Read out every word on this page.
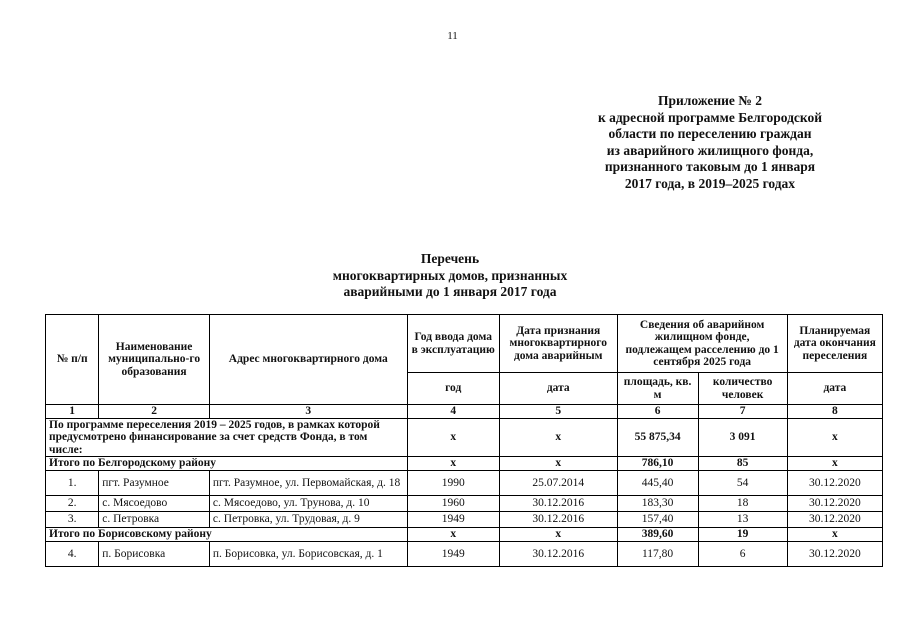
11
Приложение № 2
к адресной программе Белгородской
области по переселению граждан
из аварийного жилищного фонда,
признанного таковым до 1 января
2017 года, в 2019–2025 годах
Перечень
многоквартирных домов, признанных
аварийными до 1 января 2017 года
№ п/п	Наименование муниципально-го образования	Адрес многоквартирного дома	Год ввода дома в эксплуатацию	Дата признания многоквартирного дома аварийным	Сведения об аварийном жилищном фонде, подлежащем расселению до 1 сентября 2025 года		Планируемая дата окончания переселения
			год	дата	площадь, кв. м	количество человек	дата
1	2	3	4	5	6	7	8
По программе переселения 2019 – 2025 годов, в рамках которой предусмотрено финансирование за счет средств Фонда, в том числе:			x	x	55 875,34	3 091	x
Итого по Белгородскому району			x	x	786,10	85	x
1.	пгт. Разумное	пгт. Разумное, ул. Первомайская, д. 18	1990	25.07.2014	445,40	54	30.12.2020
2.	с. Мясоедово	с. Мясоедово, ул. Трунова, д. 10	1960	30.12.2016	183,30	18	30.12.2020
3.	с. Петровка	с. Петровка, ул. Трудовая, д. 9	1949	30.12.2016	157,40	13	30.12.2020
Итого по Борисовскому району			x	x	389,60	19	x
4.	п. Борисовка	п. Борисовка, ул. Борисовская, д. 1	1949	30.12.2016	117,80	6	30.12.2020
